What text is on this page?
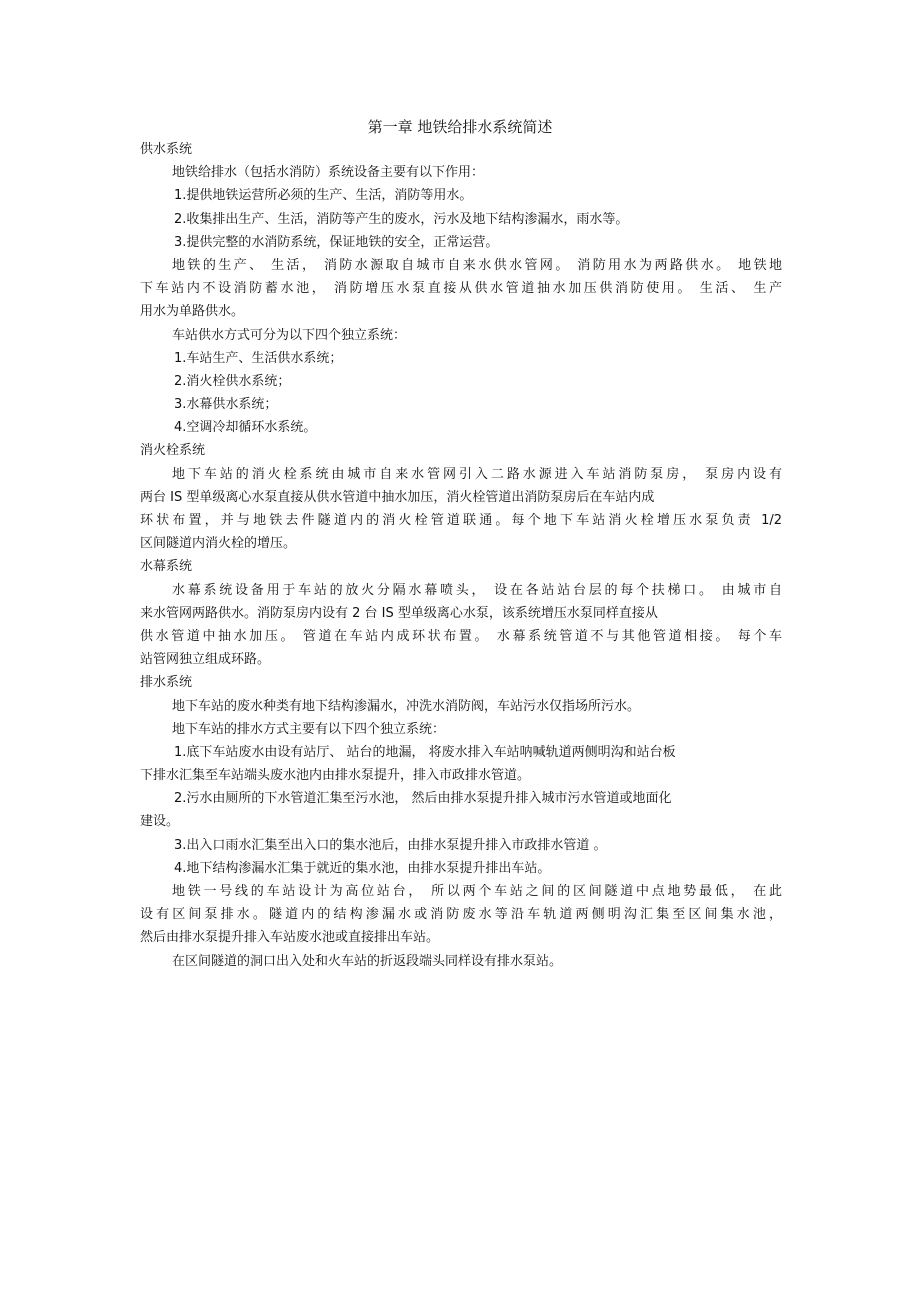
第一章 地铁给排水系统简述
供水系统
地铁给排水（包括水消防）系统设备主要有以下作用：
1.提供地铁运营所必须的生产、生活，消防等用水。
2.收集排出生产、生活，消防等产生的废水，污水及地下结构渗漏水，雨水等。
3.提供完整的水消防系统，保证地铁的安全，正常运营。
地铁的生产、 生活， 消防水源取自城市自来水供水管网。 消防用水为两路供水。 地铁地
下车站内不设消防蓄水池， 消防增压水泵直接从供水管道抽水加压供消防使用。 生活、 生产
用水为单路供水。
车站供水方式可分为以下四个独立系统：
1.车站生产、生活供水系统；
2.消火栓供水系统；
3.水幕供水系统；
4.空调冷却循环水系统。
消火栓系统
地下车站的消火栓系统由城市自来水管网引入二路水源进入车站消防泵房， 泵房内设有
两台 IS 型单级离心水泵直接从供水管道中抽水加压，消火栓管道出消防泵房后在车站内成
环状布置，并与地铁去件隧道内的消火栓管道联通。每个地下车站消火栓增压水泵负责 1/2
区间隧道内消火栓的增压。
水幕系统
水幕系统设备用于车站的放火分隔水幕喷头， 设在各站站台层的每个扶梯口。 由城市自
来水管网两路供水。消防泵房内设有 2 台 IS 型单级离心水泵，该系统增压水泵同样直接从
供水管道中抽水加压。 管道在车站内成环状布置。 水幕系统管道不与其他管道相接。 每个车
站管网独立组成环路。
排水系统
地下车站的废水种类有地下结构渗漏水，冲洗水消防阀，车站污水仅指场所污水。
地下车站的排水方式主要有以下四个独立系统：
1.底下车站废水由设有站厅、 站台的地漏， 将废水排入车站呐喊轨道两侧明沟和站台板
下排水汇集至车站端头废水池内由排水泵提升，排入市政排水管道。
2.污水由厕所的下水管道汇集至污水池， 然后由排水泵提升排入城市污水管道或地面化
建设。
3.出入口雨水汇集至出入口的集水池后，由排水泵提升排入市政排水管道 。
4.地下结构渗漏水汇集于就近的集水池，由排水泵提升排出车站。
地铁一号线的车站设计为高位站台， 所以两个车站之间的区间隧道中点地势最低， 在此
设有区间泵排水。隧道内的结构渗漏水或消防废水等沿车轨道两侧明沟汇集至区间集水池，
然后由排水泵提升排入车站废水池或直接排出车站。
在区间隧道的洞口出入处和火车站的折返段端头同样设有排水泵站。
